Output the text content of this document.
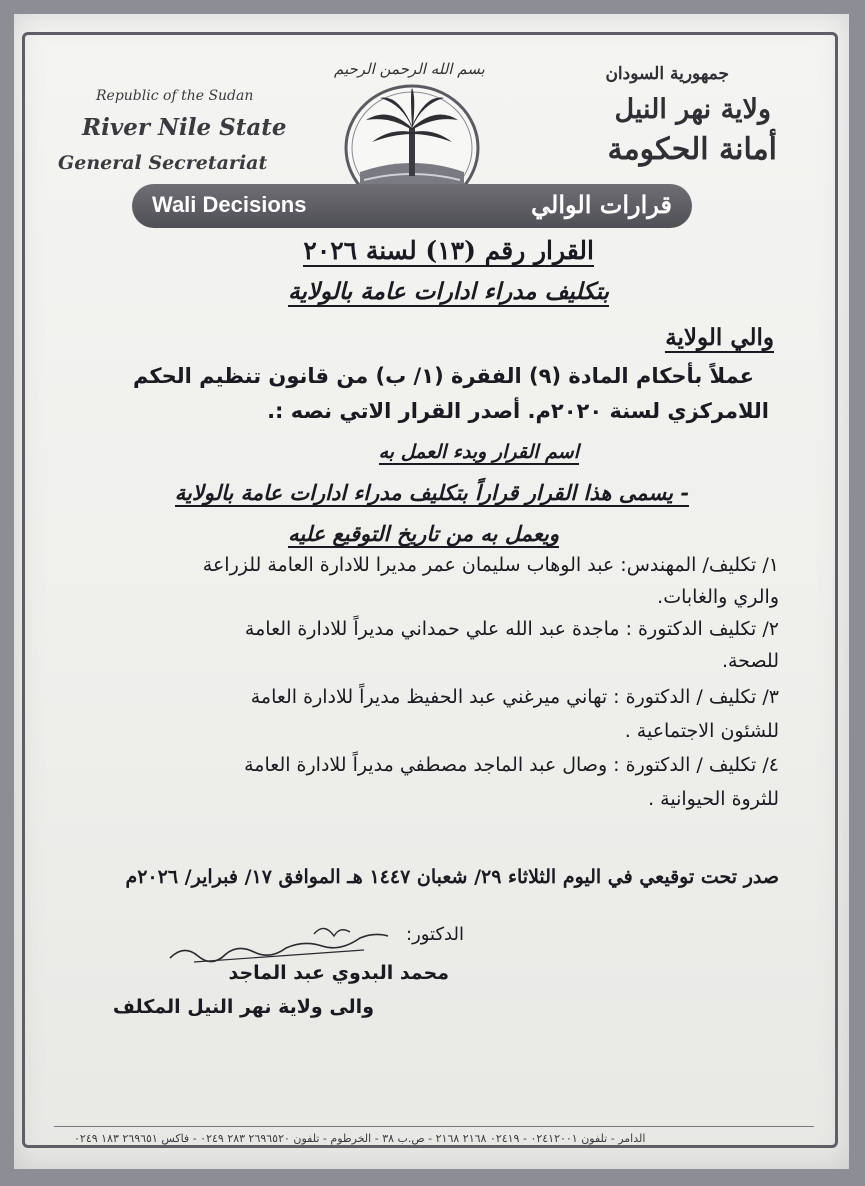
Republic of the Sudan
River Nile State
General Secretariat
جمهورية السودان
ولاية نهر النيل
أمانة الحكومة
بسم الله الرحمن الرحيم
Wali Decisions	قرارات الوالي
القرار رقم (١٣) لسنة ٢٠٢٦
بتكليف مدراء ادارات عامة بالولاية
والي الولاية
عملاً بأحكام المادة (٩) الفقرة (١/ ب) من قانون تنظيم الحكم
اللامركزي لسنة ٢٠٢٠م. أصدر القرار الاتي نصه :.
اسم القرار وبدء العمل به
- يسمى هذا القرار قراراً بتكليف مدراء ادارات عامة بالولاية
ويعمل به من تاريخ التوقيع عليه
١/ تكليف/ المهندس: عبد الوهاب سليمان عمر مديرا للادارة العامة للزراعة
والري والغابات.
٢/ تكليف الدكتورة : ماجدة عبد الله علي حمداني مديراً للادارة العامة
للصحة.
٣/ تكليف / الدكتورة : تهاني ميرغني عبد الحفيظ مديراً للادارة العامة
للشئون الاجتماعية .
٤/ تكليف / الدكتورة : وصال عبد الماجد مصطفي مديراً للادارة العامة
للثروة الحيوانية .
صدر تحت توقيعي في اليوم الثلاثاء ٢٩/ شعبان ١٤٤٧ هـ الموافق ١٧/ فبراير/ ٢٠٢٦م
الدكتور:
محمد البدوي عبد الماجد
والى ولاية نهر النيل المكلف
الدامر - تلفون ٠٢٤١٢٠٠١ - ٠٢٤١٩ ٢١٦٨ ٢١٦٨ - ص.ب ٣٨ - الخرطوم - تلفون ٢٦٩٦٥٢٠ ٢٨٣ ٠٢٤٩ - فاكس ٢٦٩٦٥١ ١٨٣ ٠٢٤٩
